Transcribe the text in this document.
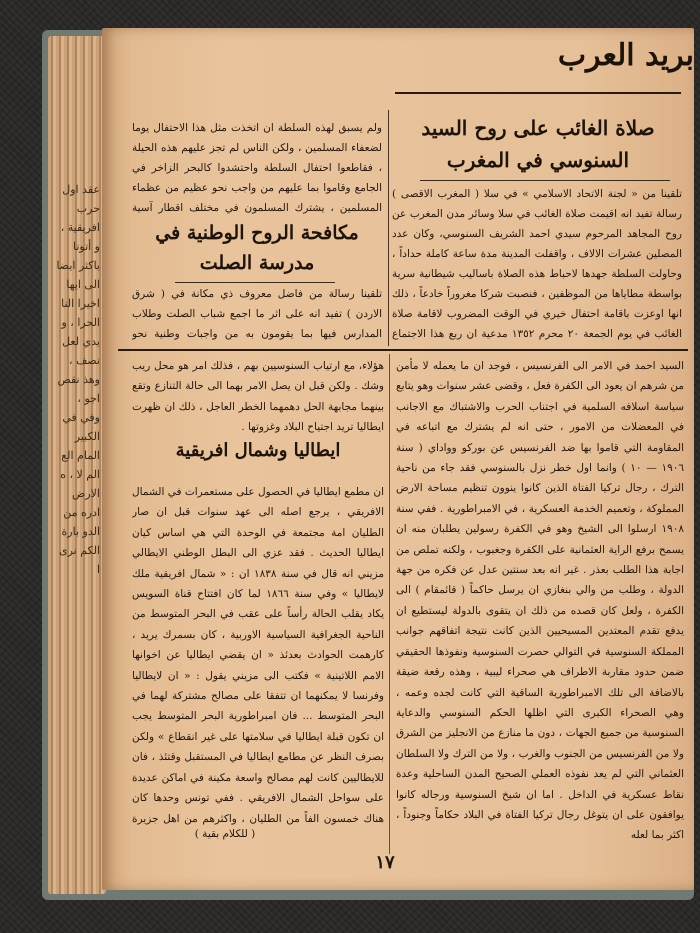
عقد اول حرب افريقية ، و أتونا باكثر ايضا الى ايها اخيرا النا الحرا ، و يدي لعل نصف ، وهذ نقص اجو ، وفي في الكبير المام الع الم لا ، ه الارض ادره من الدو بارة الكم نرى ا
بريد العرب
صلاة الغائب على روح السيد
السنوسي في المغرب
تلقينا من « لجنة الاتحاد الاسلامي » في سلا ( المغرب الاقصى ) رسالة تفيد انه اقيمت صلاة الغائب في سلا وسائر مدن المغرب عن روح المجاهد المرحوم سيدي احمد الشريف السنوسي، وكان عدد المصلين عشرات الالاف ، واقفلت المدينة مدة ساعة كاملة حداداً ، وحاولت السلطة جهدها لاحباط هذه الصلاة باساليب شيطانية سرية بواسطة مطاياها من الموظفين ، فنصبت شركا مغروراً خادعاً ، ذلك انها اوعزت باقامة احتفال خيري في الوقت المضروب لاقامة صلاة الغائب في يوم الجمعة ٢٠ محرم ١٣٥٢ مدعية ان ربع هذا الاجتماع
ولم يسبق لهذه السلطة ان اتخذت مثل هذا الاحتفال يوما لضعفاء المسلمين ، ولكن الناس لم تجز عليهم هذه الحيلة ، فقاطعوا احتفال السلطة واحتشدوا كالبحر الزاخر في الجامع وقاموا بما عليهم من واجب نحو عظيم من عظماء المسلمين ، يشترك المسلمون في مختلف اقطار آسية
مكافحة الروح الوطنية في
مدرسة الصلت
تلقينا رسالة من فاضل معروف ذي مكانة في ( شرق الاردن ) تفيد انه على اثر ما اجمع شباب الصلت وطلاب المدارس فيها بما يقومون به من واجبات وطنية نحو
السيد احمد في الامر الى الفرنسيس ، فوجد ان ما يعمله لا مأمن من شرهم ان يعود الى الكفرة فعل ، وقضى عشر سنوات وهو يتابع سياسة اسلافه السلمية في اجتناب الحرب والاشتباك مع الاجانب في المعضلات من الامور ، حتى انه لم يشترك مع اتباعه في المقاومة التي قاموا بها ضد الفرنسيس عن بورکو وواداي ( سنة ١٩٠٦ — ١٠ ) وانما اول خطر نزل بالسنوسي فقد جاء من ناحية الترك ، رجال تركيا الفتاة الذين كانوا ينوون تنظيم مساحة الارض المملوكة ، وتعميم الخدمة العسكرية ، في الامبراطورية . ففي سنة ١٩٠٨ ارسلوا الى الشيخ وهو في الكفرة رسولين يطلبان منه ان يسمح برفع الراية العثمانية على الكفرة وجغبوب ، ولكنه تملص من اجابة هذا الطلب بعذر . غير انه بعد سنتين عدل عن فكره من جهة الدولة ، وطلب من والي بنغازي ان يرسل حاكماً ( قائمقام ) الى الكفرة ، ولعل كان قصده من ذلك ان يتقوى بالدولة ليستطيع ان يدفع تقدم المعتدين المسيحيين الذين كانت نتيجة اتفاقهم جوانب المملكة السنوسية في التوالي حصرت السنوسية ونفوذها الحقيقي ضمن حدود مقاربة الاطراف هي صحراء ليبية ، وهذه رقعة ضيقة بالاضافة الى تلك الامبراطورية الساقية التي كانت لجده وعمه ، وهي الصحراء الكبرى التي اظلها الحكم السنوسي والدعاية السنوسية من جميع الجهات ، دون ما منازع من الانجليز من الشرق ولا من الفرنسيس من الجنوب والغرب ، ولا من الترك ولا السلطان العثماني التي لم يعد نفوذه العملي الصحيح المدن الساحلية وعدة نقاط عسكرية في الداخل . اما ان شيخ السنوسية ورجاله كانوا يوافقون على ان يتوغل رجال تركيا الفتاة في البلاد حكاماً وجنوداً ، اكثر بما لعله
هؤلاء، مع ارتياب السنوسيين بهم ، فذلك امر هو محل ريب وشك . ولكن قبل ان يصل الامر بهما الى حالة التنازع وتقع بينهما مجابهة الحل دهمهما الخطر العاجل ، ذلك ان ظهرت ايطاليا تريد اجتياح البلاد وغزوتها .
ايطاليا وشمال افريقية
ان مطمع ايطاليا في الحصول على مستعمرات في الشمال الافريقي ، يرجع اصله الى عهد سنوات قبل ان صار الطليان امة مجتمعة في الوحدة التي هي اساس كيان ايطاليا الحديث . فقد عزي الى البطل الوطني الايطالي مزيني انه قال في سنة ١٨٣٨ ان : « شمال افريقية ملك لايطاليا » وفي سنة ١٨٦٦ لما كان افتتاح قناة السويس يكاد يقلب الحالة رأساً على عقب في البحر المتوسط من الناحية الجغرافية السياسية الاوربية ، كان بسمرك يريد ، كارهمت الحوادث بعدئذ « ان يقضي ايطاليا عن اخوانها الامم اللاتينية » فكتب الى مزيني يقول : « ان لايطاليا وفرنسا لا يمكنهما ان تتفقا على مصالح مشتركة لهما في البحر المتوسط ... فان امبراطورية البحر المتوسط يجب ان تكون قبلة ايطاليا في سلامتها على غير انقطاع » ولكن بصرف النظر عن مطامع ايطاليا في المستقبل وقتئذ ، فان للايطاليين كانت لهم مصالح واسعة مكينة في اماكن عديدة على سواحل الشمال الافريقي . ففي تونس وحدها كان هناك خمسون الفاً من الطليان ، واكثرهم من اهل جزيرة
( للكلام بقية )
١٧
